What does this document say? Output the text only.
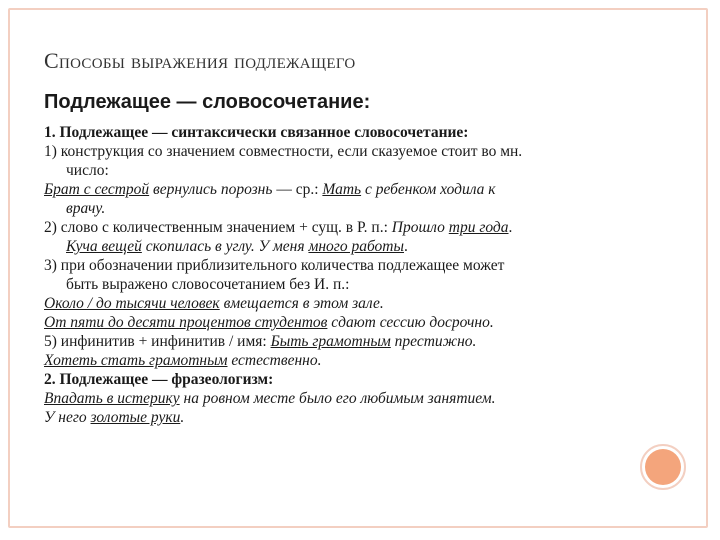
Способы выражения подлежащего
Подлежащее — словосочетание:
1. Подлежащее — синтаксически связанное словосочетание:
1) конструкция со значением совместности, если сказуемое стоит во мн.
число:
Брат с сестрой вернулись порознь — ср.: Мать с ребенком ходила к
врачу.
2) слово с количественным значением + сущ. в Р. п.: Прошло три года.
Куча вещей скопилась в углу. У меня много работы.
3) при обозначении приблизительного количества подлежащее может
быть выражено словосочетанием без И. п.:
Около / до тысячи человек вмещается в этом зале.
От пяти до десяти процентов студентов сдают сессию досрочно.
5) инфинитив + инфинитив / имя: Быть грамотным престижно.
Хотеть стать грамотным естественно.
2. Подлежащее — фразеологизм:
Впадать в истерику на ровном месте было его любимым занятием.
У него золотые руки.
